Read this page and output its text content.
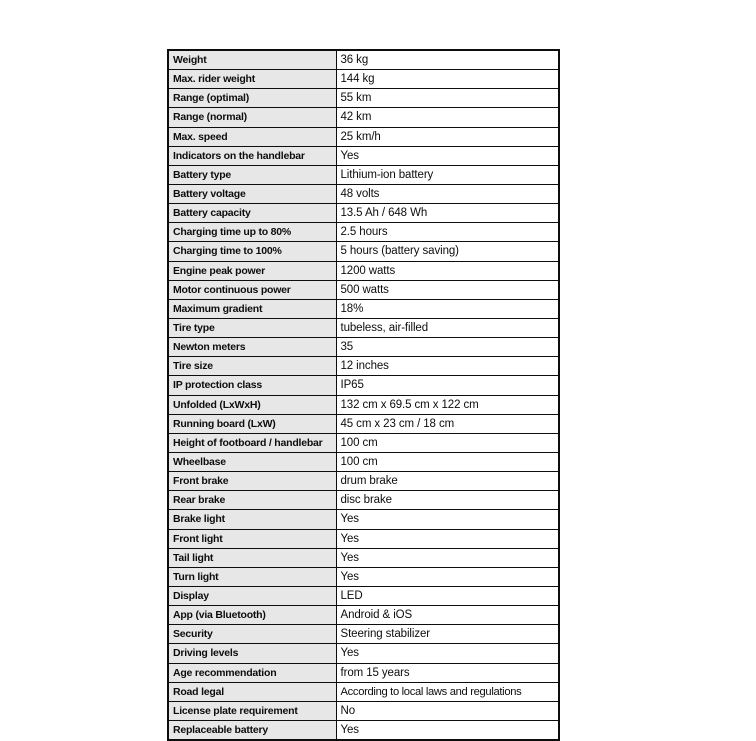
Weight	36 kg
Max. rider weight	144 kg
Range (optimal)	55 km
Range (normal)	42 km
Max. speed	25 km/h
Indicators on the handlebar	Yes
Battery type	Lithium-ion battery
Battery voltage	48 volts
Battery capacity	13.5 Ah / 648 Wh
Charging time up to 80%	2.5 hours
Charging time to 100%	5 hours (battery saving)
Engine peak power	1200 watts
Motor continuous power	500 watts
Maximum gradient	18%
Tire type	tubeless, air-filled
Newton meters	35
Tire size	12 inches
IP protection class	IP65
Unfolded (LxWxH)	132 cm x 69.5 cm x 122 cm
Running board (LxW)	45 cm x 23 cm / 18 cm
Height of footboard / handlebar	100 cm
Wheelbase	100 cm
Front brake	drum brake
Rear brake	disc brake
Brake light	Yes
Front light	Yes
Tail light	Yes
Turn light	Yes
Display	LED
App (via Bluetooth)	Android & iOS
Security	Steering stabilizer
Driving levels	Yes
Age recommendation	from 15 years
Road legal	According to local laws and regulations
License plate requirement	No
Replaceable battery	Yes
